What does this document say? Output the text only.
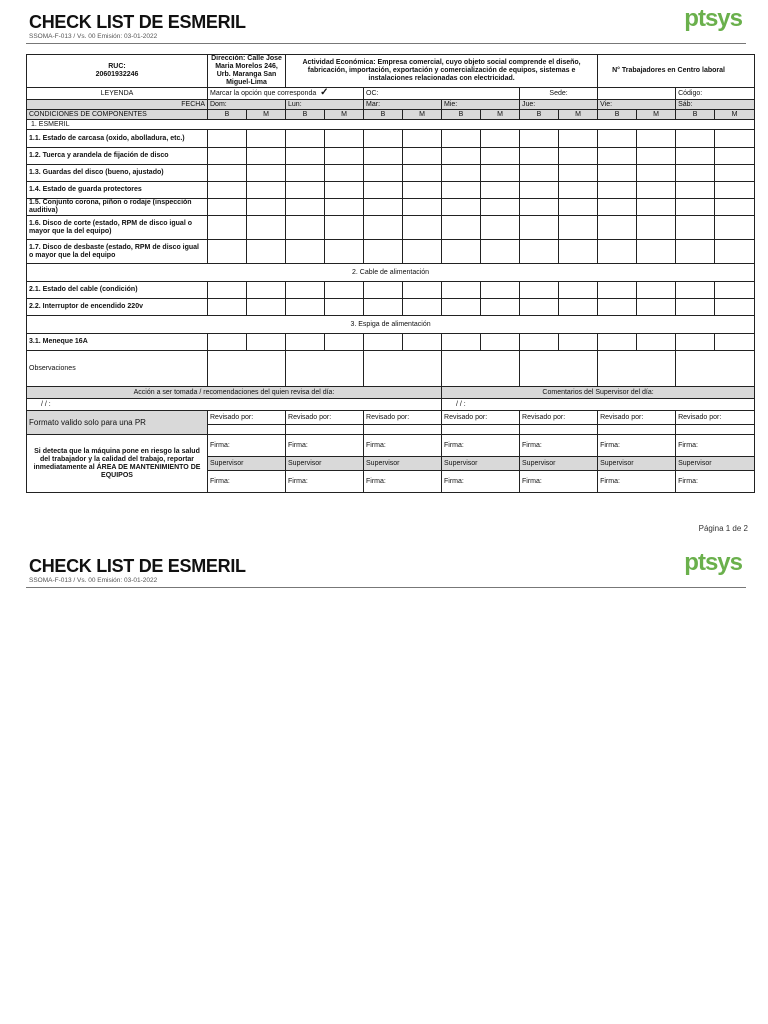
CHECK LIST DE ESMERIL
SSOMA-F-013 / Vs. 00 Emisión: 03-01-2022
ptsys
RUC:
20601932246	Dirección: Calle Jose Maria Morelos 246, Urb. Maranga San Miguel-Lima		Actividad Económica: Empresa comercial, cuyo objeto social comprende el diseño, fabricación, importación, exportación y comercialización de equipos, sistemas e instalaciones relacionadas con electricidad.								N° Trabajadores en Centro laboral			
LEYENDA	Marcar la opción que corresponda ✓				OC:				Sede:				Código:	
FECHA	Dom:		Lun:		Mar:		Mie:		Jue:		Vie:		Sáb:	
CONDICIONES DE COMPONENTES	B	M	B	M	B	M	B	M	B	M	B	M	B	M
1. ESMERIL														
1.1. Estado de carcasa (oxido, abolladura, etc.)														
1.2. Tuerca y arandela de fijación de disco														
1.3. Guardas del disco (bueno, ajustado)														
1.4. Estado de guarda protectores														
1.5. Conjunto corona, piñon o rodaje (inspección auditiva)														
1.6. Disco de corte (estado, RPM de disco igual o mayor que la del equipo)														
1.7. Disco de desbaste (estado, RPM de disco igual o mayor que la del equipo														
2. Cable de alimentación														
2.1. Estado del cable (condición)														
2.2. Interruptor de encendido 220v														
3. Espiga de alimentación														
3.1. Meneque 16A														
Observaciones														
Acción a ser tomada / recomendaciones del quien revisa del día:							Comentarios del Supervisor del día:							
/ / :							/ / :							
Formato valido solo para una PR	Revisado por:		Revisado por:		Revisado por:		Revisado por:		Revisado por:		Revisado por:		Revisado por:	

Si detecta que la máquina pone en riesgo la salud del trabajador y la calidad del trabajo, reportar inmediatamente al ÁREA DE MANTENIMIENTO DE EQUIPOS	Firma:		Firma:		Firma:		Firma:		Firma:		Firma:		Firma:	
	Supervisor		Supervisor		Supervisor		Supervisor		Supervisor		Supervisor		Supervisor	
	Firma:		Firma:		Firma:		Firma:		Firma:		Firma:		Firma:	
Página 1 de 2
CHECK LIST DE ESMERIL
SSOMA-F-013 / Vs. 00 Emisión: 03-01-2022
ptsys
